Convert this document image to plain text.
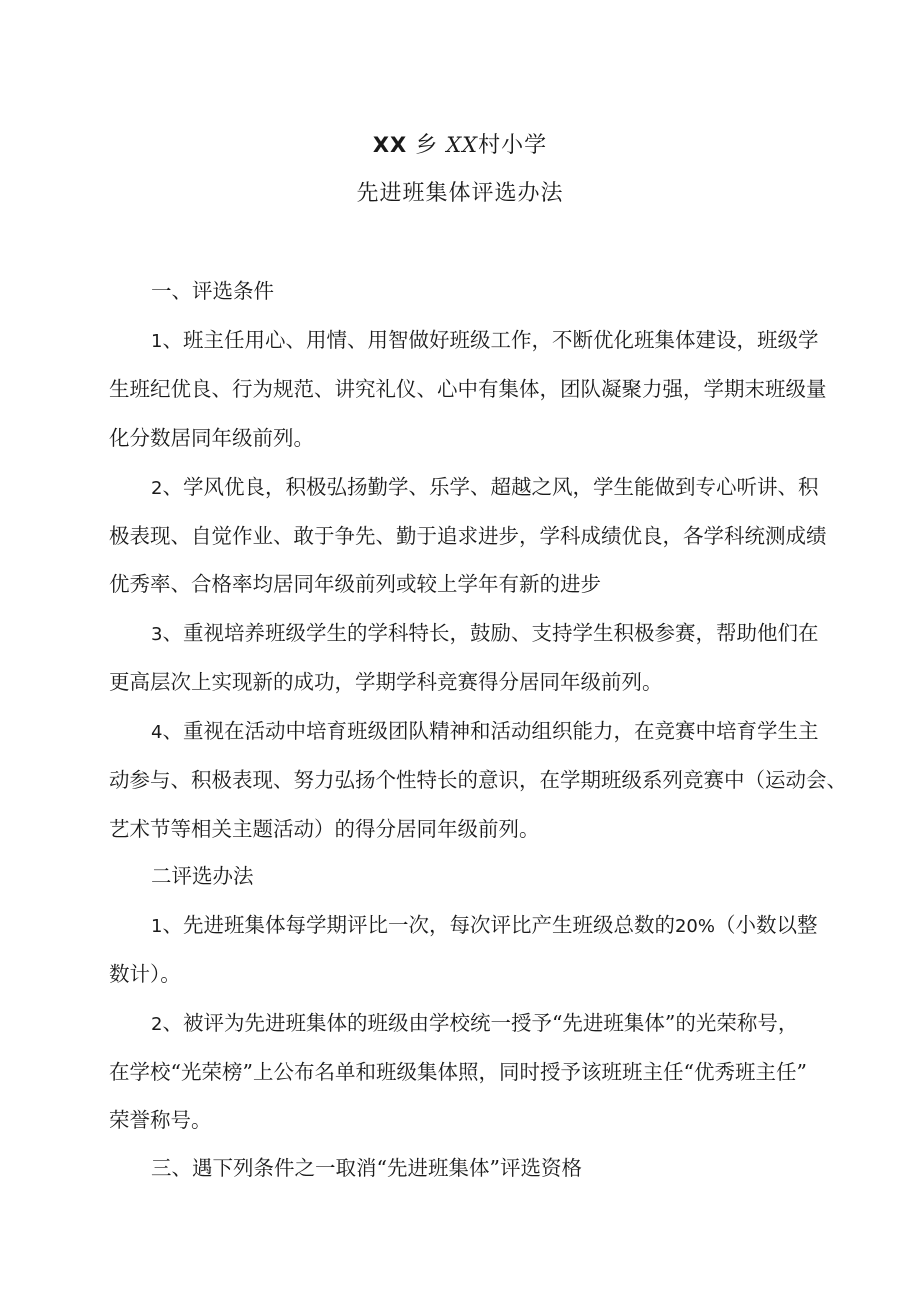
XX 乡 XX村小学
先进班集体评选办法
一、评选条件
1、班主任用心、用情、用智做好班级工作，不断优化班集体建设，班级学
生班纪优良、行为规范、讲究礼仪、心中有集体，团队凝聚力强，学期末班级量
化分数居同年级前列。
2、学风优良，积极弘扬勤学、乐学、超越之风，学生能做到专心听讲、积
极表现、自觉作业、敢于争先、勤于追求进步，学科成绩优良，各学科统测成绩
优秀率、合格率均居同年级前列或较上学年有新的进步
3、重视培养班级学生的学科特长，鼓励、支持学生积极参赛，帮助他们在
更高层次上实现新的成功，学期学科竞赛得分居同年级前列。
4、重视在活动中培育班级团队精神和活动组织能力，在竞赛中培育学生主
动参与、积极表现、努力弘扬个性特长的意识，在学期班级系列竞赛中（运动会、
艺术节等相关主题活动）的得分居同年级前列。
二评选办法
1、先进班集体每学期评比一次，每次评比产生班级总数的20%（小数以整
数计）。
2、被评为先进班集体的班级由学校统一授予“先进班集体”的光荣称号，
在学校“光荣榜”上公布名单和班级集体照，同时授予该班班主任“优秀班主任”
荣誉称号。
三、遇下列条件之一取消“先进班集体”评选资格
